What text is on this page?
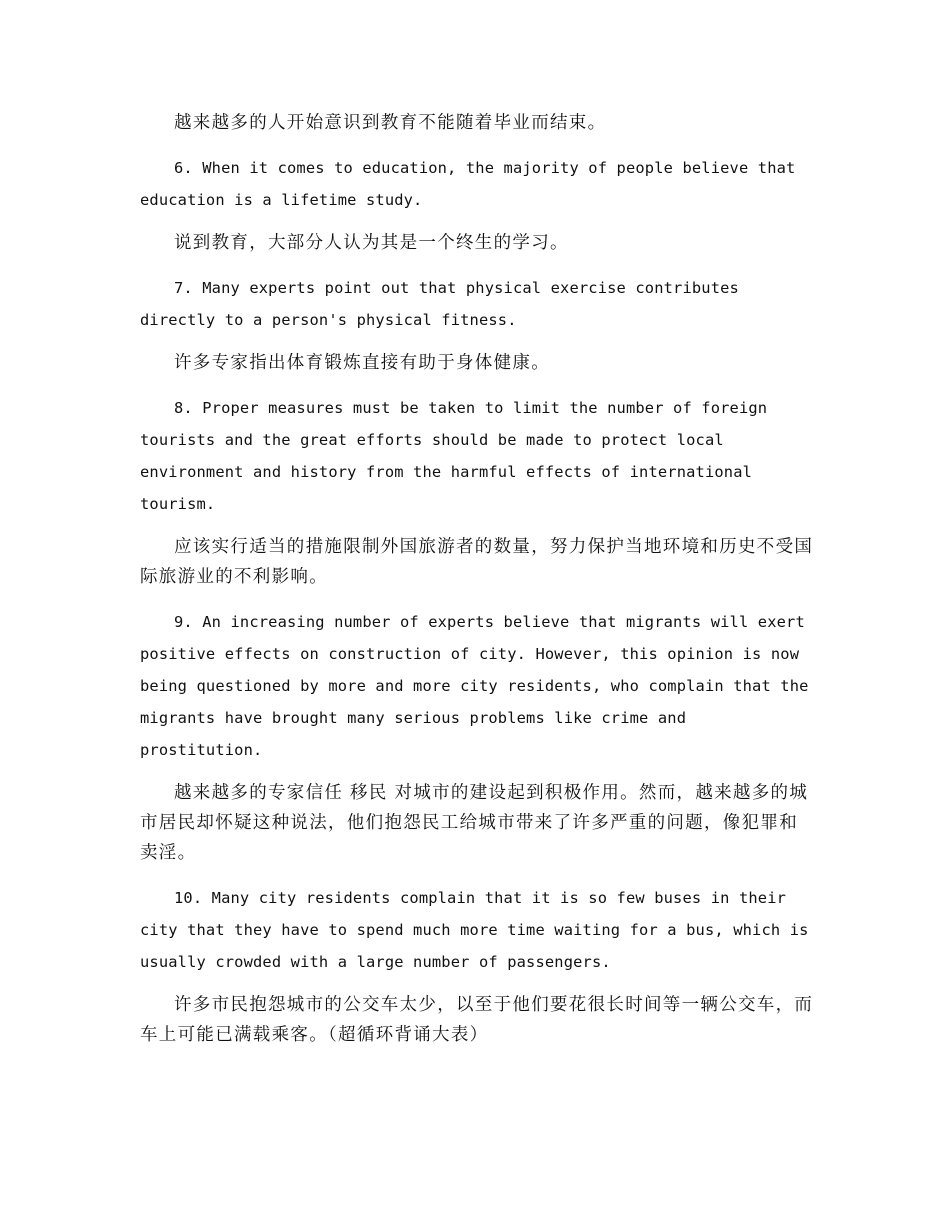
越来越多的人开始意识到教育不能随着毕业而结束。

6. When it comes to education, the majority of people believe that education is a lifetime study.

说到教育，大部分人认为其是一个终生的学习。

7. Many experts point out that physical exercise contributes directly to a person's physical fitness.

许多专家指出体育锻炼直接有助于身体健康。

8. Proper measures must be taken to limit the number of foreign tourists and the great efforts should be made to protect local environment and history from the harmful effects of international tourism.

应该实行适当的措施限制外国旅游者的数量，努力保护当地环境和历史不受国际旅游业的不利影响。

9. An increasing number of experts believe that migrants will exert positive effects on construction of city. However, this opinion is now being questioned by more and more city residents, who complain that the migrants have brought many serious problems like crime and prostitution.

越来越多的专家信任 移民 对城市的建设起到积极作用。然而，越来越多的城市居民却怀疑这种说法，他们抱怨民工给城市带来了许多严重的问题，像犯罪和卖淫。

10. Many city residents complain that it is so few buses in their city that they have to spend much more time waiting for a bus, which is usually crowded with a large number of passengers.

许多市民抱怨城市的公交车太少，以至于他们要花很长时间等一辆公交车，而车上可能已满载乘客。（超循环背诵大表）
